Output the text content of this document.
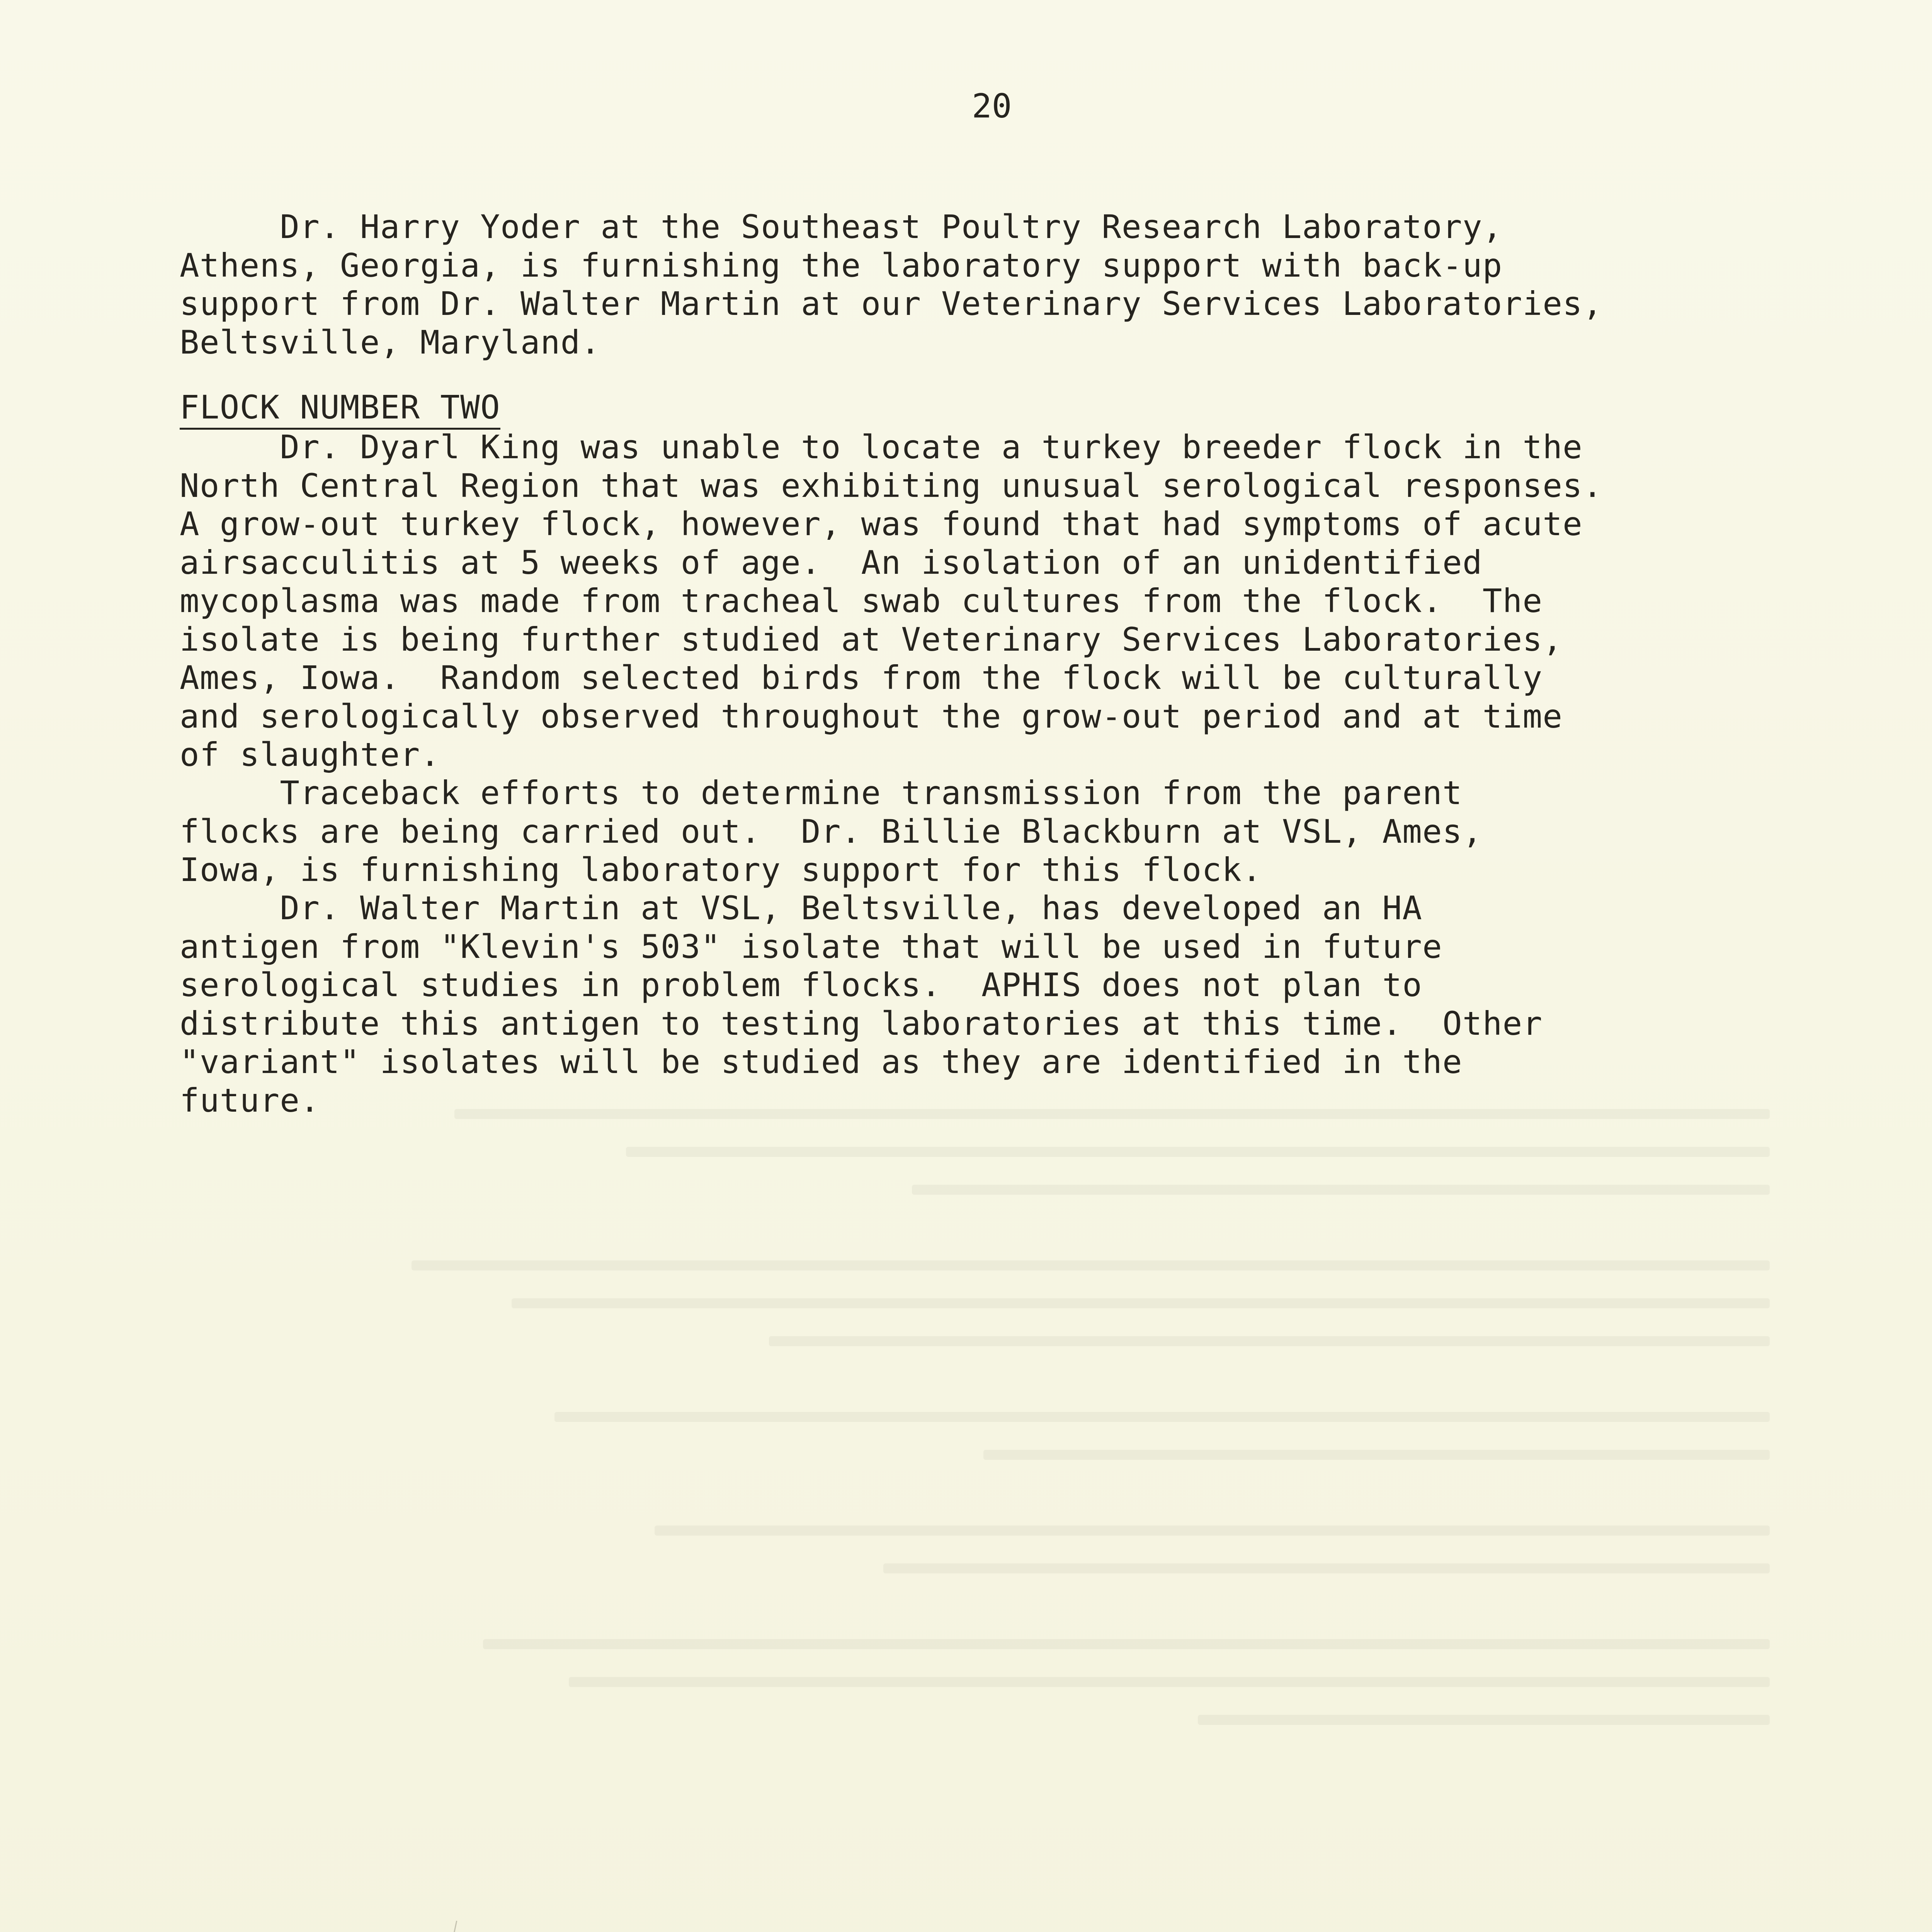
20
Dr. Harry Yoder at the Southeast Poultry Research Laboratory,
Athens, Georgia, is furnishing the laboratory support with back-up
support from Dr. Walter Martin at our Veterinary Services Laboratories,
Beltsville, Maryland.
FLOCK NUMBER TWO
Dr. Dyarl King was unable to locate a turkey breeder flock in the
North Central Region that was exhibiting unusual serological responses.
A grow-out turkey flock, however, was found that had symptoms of acute
airsacculitis at 5 weeks of age.  An isolation of an unidentified
mycoplasma was made from tracheal swab cultures from the flock.  The
isolate is being further studied at Veterinary Services Laboratories,
Ames, Iowa.  Random selected birds from the flock will be culturally
and serologically observed throughout the grow-out period and at time
of slaughter.
Traceback efforts to determine transmission from the parent
flocks are being carried out.  Dr. Billie Blackburn at VSL, Ames,
Iowa, is furnishing laboratory support for this flock.
Dr. Walter Martin at VSL, Beltsville, has developed an HA
antigen from "Klevin's 503" isolate that will be used in future
serological studies in problem flocks.  APHIS does not plan to
distribute this antigen to testing laboratories at this time.  Other
"variant" isolates will be studied as they are identified in the
future.
